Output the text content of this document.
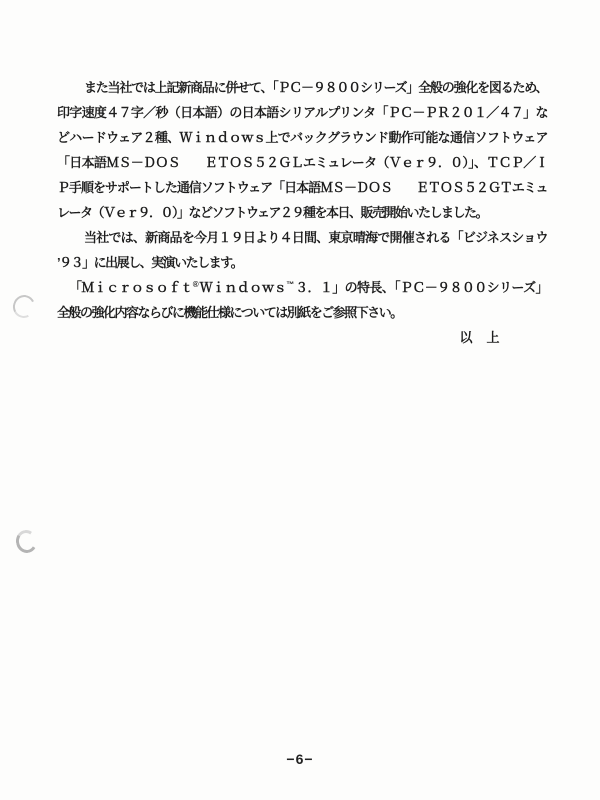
また当社では上記新商品に併せて、「ＰＣ－９８００シリーズ」全般の強化を図るため、
印字速度４７字／秒（日本語）の日本語シリアルプリンタ「ＰＣ－ＰＲ２０１／４７」な
どハードウェア２種、Ｗｉｎｄｏｗｓ上でバックグラウンド動作可能な通信ソフトウェア
「日本語ＭＳ－ＤＯＳ　　ＥＴＯＳ５２ＧＬエミュレータ（Ｖｅｒ９．０）」、ＴＣＰ／Ｉ
Ｐ手順をサポートした通信ソフトウェア「日本語ＭＳ－ＤＯＳ　　ＥＴＯＳ５２ＧＴエミュ
レータ（Ｖｅｒ９．０）」などソフトウェア２９種を本日、販売開始いたしました。
当社では、新商品を今月１９日より４日間、東京晴海で開催される「ビジネスショウ
’９３」に出展し、実演いたします。
「Ｍｉｃｒｏｓｏｆｔ®Ｗｉｎｄｏｗｓ™３．１」の特長、「ＰＣ－９８００シリーズ」
全般の強化内容ならびに機能仕様については別紙をご参照下さい。
以　上
−6−
